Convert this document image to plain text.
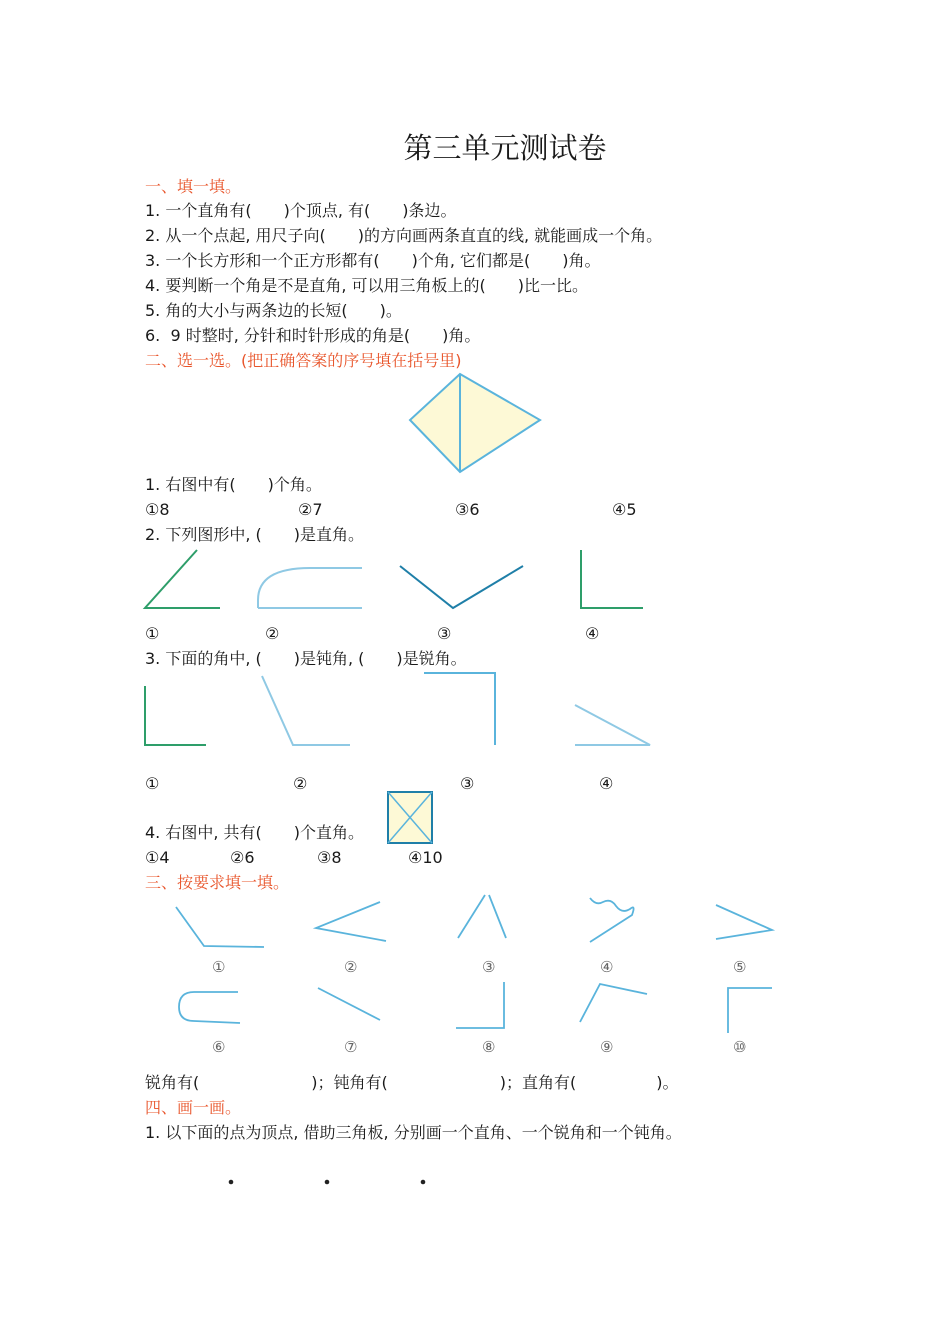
第三单元测试卷
一、填一填。
1. 一个直角有(　　)个顶点, 有(　　)条边。
2. 从一个点起, 用尺子向(　　)的方向画两条直直的线, 就能画成一个角。
3. 一个长方形和一个正方形都有(　　)个角, 它们都是(　　)角。
4. 要判断一个角是不是直角, 可以用三角板上的(　　)比一比。
5. 角的大小与两条边的长短(　　)。
6.  9 时整时, 分针和时针形成的角是(　　)角。
二、选一选。(把正确答案的序号填在括号里)
1. 右图中有(　　)个角。
①8	②7	③6	④5
2. 下列图形中, (　　)是直角。
①	②	③	④
3. 下面的角中, (　　)是钝角, (　　)是锐角。
①	②	③	④
4. 右图中, 共有(　　)个直角。
①4	②6	③8	④10
三、按要求填一填。
①	②	③	④	⑤
⑥	⑦	⑧	⑨	⑩
锐角有(　　　　　　　)；钝角有(　　　　　　　)；直角有(　　　　　)。
四、画一画。
1. 以下面的点为顶点, 借助三角板, 分别画一个直角、一个锐角和一个钝角。
